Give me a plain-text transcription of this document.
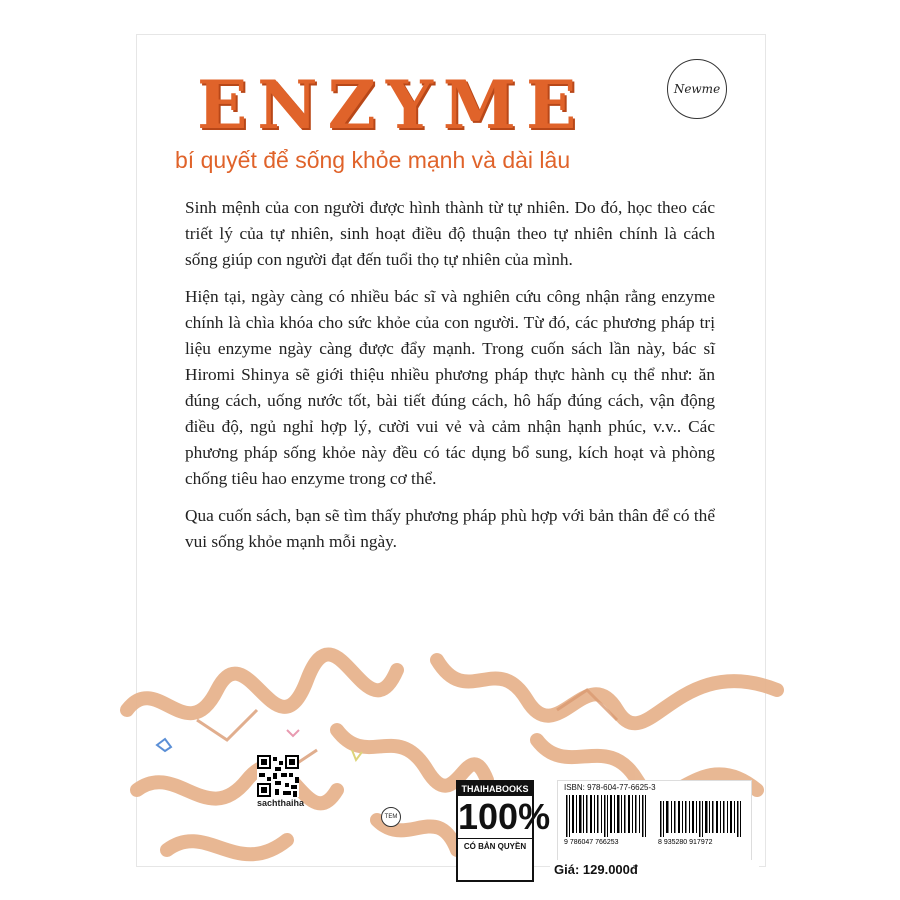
Newme
ENZYME
bí quyết để sống khỏe mạnh và dài lâu

Sinh mệnh của con người được hình thành từ tự nhiên. Do đó, học theo các triết lý của tự nhiên, sinh hoạt điều độ thuận theo tự nhiên chính là cách sống giúp con người đạt đến tuổi thọ tự nhiên của mình.

Hiện tại, ngày càng có nhiều bác sĩ và nghiên cứu công nhận rằng enzyme chính là chìa khóa cho sức khỏe của con người. Từ đó, các phương pháp trị liệu enzyme ngày càng được đẩy mạnh. Trong cuốn sách lần này, bác sĩ Hiromi Shinya sẽ giới thiệu nhiều phương pháp thực hành cụ thể như: ăn đúng cách, uống nước tốt, bài tiết đúng cách, hô hấp đúng cách, vận động điều độ, ngủ nghỉ hợp lý, cười vui vẻ và cảm nhận hạnh phúc, v.v.. Các phương pháp sống khỏe này đều có tác dụng bổ sung, kích hoạt và phòng chống tiêu hao enzyme trong cơ thể.

Qua cuốn sách, bạn sẽ tìm thấy phương pháp phù hợp với bản thân để có thể vui sống khỏe mạnh mỗi ngày.

sachthaiha
TEM
THAIHABOOKS
100%
CÓ BẢN QUYỀN
ISBN: 978-604-77-6625-3
9 786047 766253	8 935280 917972
Giá: 129.000đ
